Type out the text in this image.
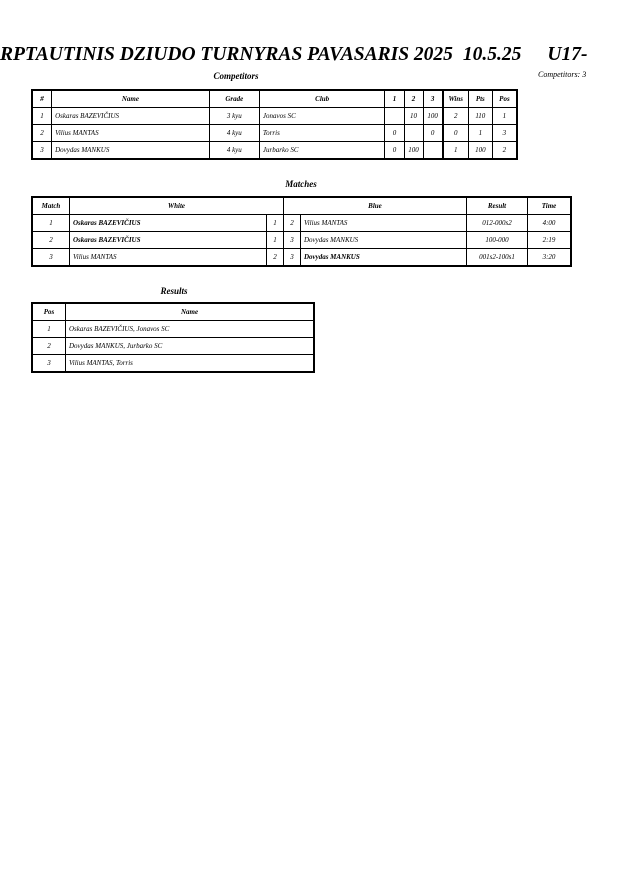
RPTAUTINIS DZIUDO TURNYRAS PAVASARIS 2025 10.5.25 U17-
Competitors	Competitors: 3
#	Name	Grade	Club	1	2	3	Wins	Pts	Pos
1	Oskaras BAZEVIČIUS	3 kyu	Jonavos SC		10	100	2	110	1
2	Vilius MANTAS	4 kyu	Torris	0		0	0	1	3
3	Dovydas MANKUS	4 kyu	Jurbarko SC	0	100		1	100	2
Matches
Match	White		Blue		Result	Time
1	Oskaras BAZEVIČIUS	1	2	Vilius MANTAS	012-000s2	4:00
2	Oskaras BAZEVIČIUS	1	3	Dovydas MANKUS	100-000	2:19
3	Vilius MANTAS	2	3	Dovydas MANKUS	001s2-100s1	3:20
Results
Pos	Name
1	Oskaras BAZEVIČIUS, Jonavos SC
2	Dovydas MANKUS, Jurbarko SC
3	Vilius MANTAS, Torris
